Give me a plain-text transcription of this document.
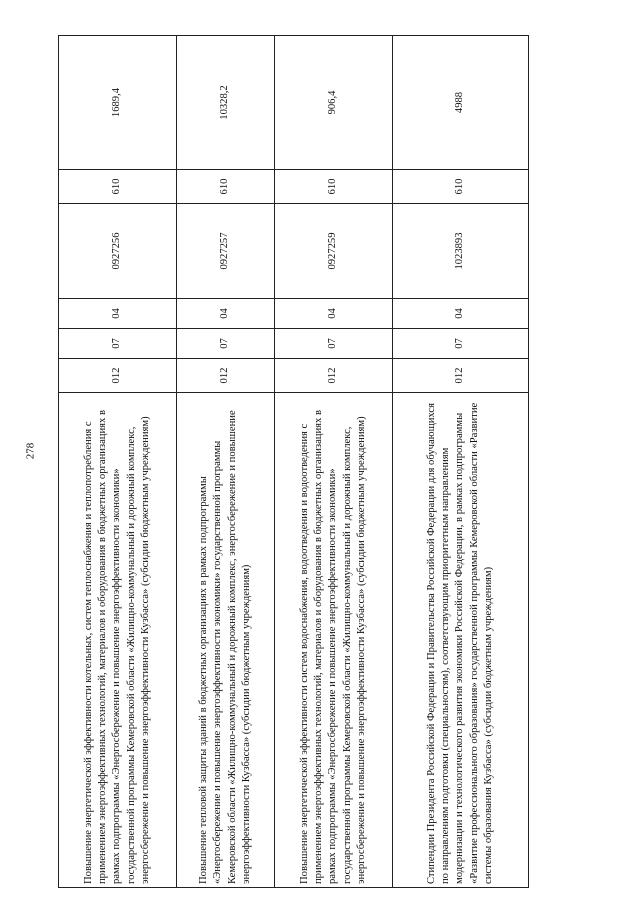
278	Повышение энергетической эффективности котельных, систем теплоснабжения и теплопотребления с применением энергоэффективных технологий, материалов и оборудования в бюджетных организациях в рамках подпрограммы «Энергосбережение и повышение энергоэффективности экономики» государственной программы Кемеровской области «Жилищно-коммунальный и дорожный комплекс, энергосбережение и повышение энергоэффективности Кузбасса» (субсидии бюджетным учреждениям)	012	07	04	0927256	610	1689,4
Повышение тепловой защиты зданий в бюджетных организациях в рамках подпрограммы «Энергосбережение и повышение энергоэффективности экономики» государственной программы Кемеровской области «Жилищно-коммунальный и дорожный комплекс, энергосбережение и повышение энергоэффективности Кузбасса» (субсидии бюджетным учреждениям)	012	07	04	0927257	610	10328,2
Повышение энергетической эффективности систем водоснабжения, водоотведения и водоотведения с применением энергоэффективных технологий, материалов и оборудования в бюджетных организациях в рамках подпрограммы «Энергосбережение и повышение энергоэффективности экономики» государственной программы Кемеровской области «Жилищно-коммунальный и дорожный комплекс, энергосбережение и повышение энергоэффективности Кузбасса» (субсидии бюджетным учреждениям)	012	07	04	0927259	610	906,4
Стипендии Президента Российской Федерации и Правительства Российской Федерации для обучающихся по направлениям подготовки (специальностям), соответствующим приоритетным направлениям модернизации и технологического развития экономики Российской Федерации, в рамках подпрограммы «Развитие профессионального образования» государственной программы Кемеровской области «Развитие системы образования Кузбасса» (субсидии бюджетным учреждениям)	012	07	04	1023893	610	4988
